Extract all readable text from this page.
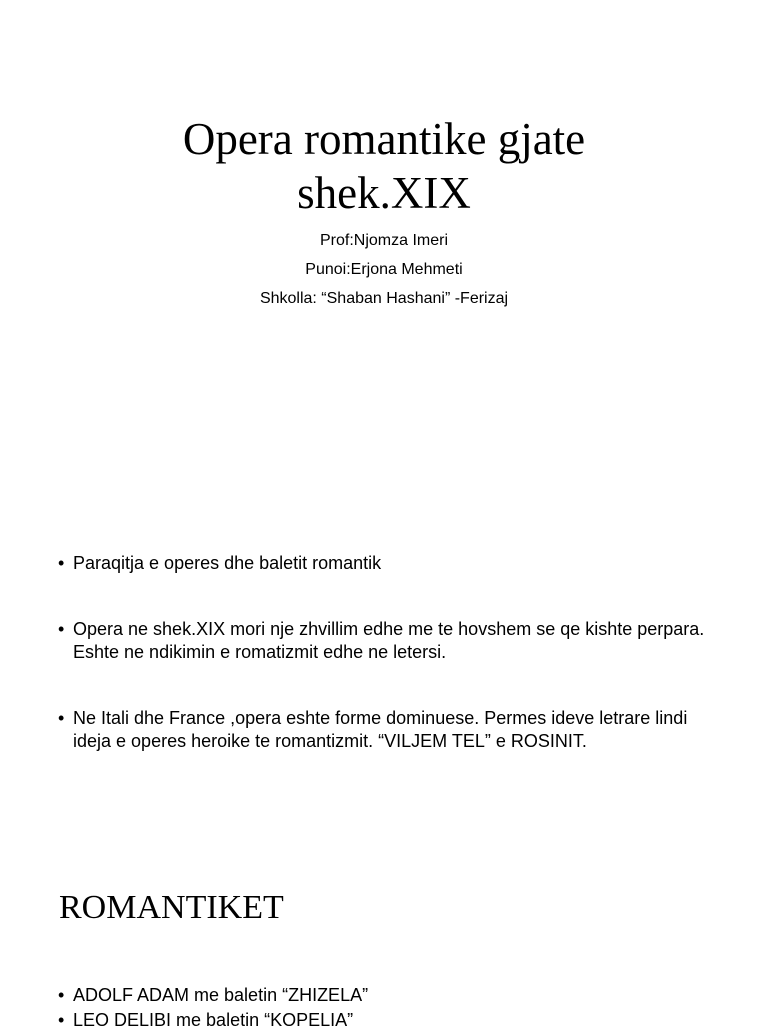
Opera romantike gjate
shek.XIX
Prof:Njomza Imeri
Punoi:Erjona Mehmeti
Shkolla: “Shaban Hashani” -Ferizaj
• Paraqitja e operes dhe baletit romantik
• Opera ne shek.XIX mori nje zhvillim edhe me te hovshem se qe kishte perpara. Eshte ne ndikimin e romatizmit edhe ne letersi.
• Ne Itali dhe France ,opera eshte forme dominuese. Permes ideve letrare lindi ideja e operes heroike te romantizmit. “VILJEM TEL” e ROSINIT.
ROMANTIKET
• ADOLF ADAM me baletin “ZHIZELA”
• LEO DELIBI me baletin “KOPELIA”
